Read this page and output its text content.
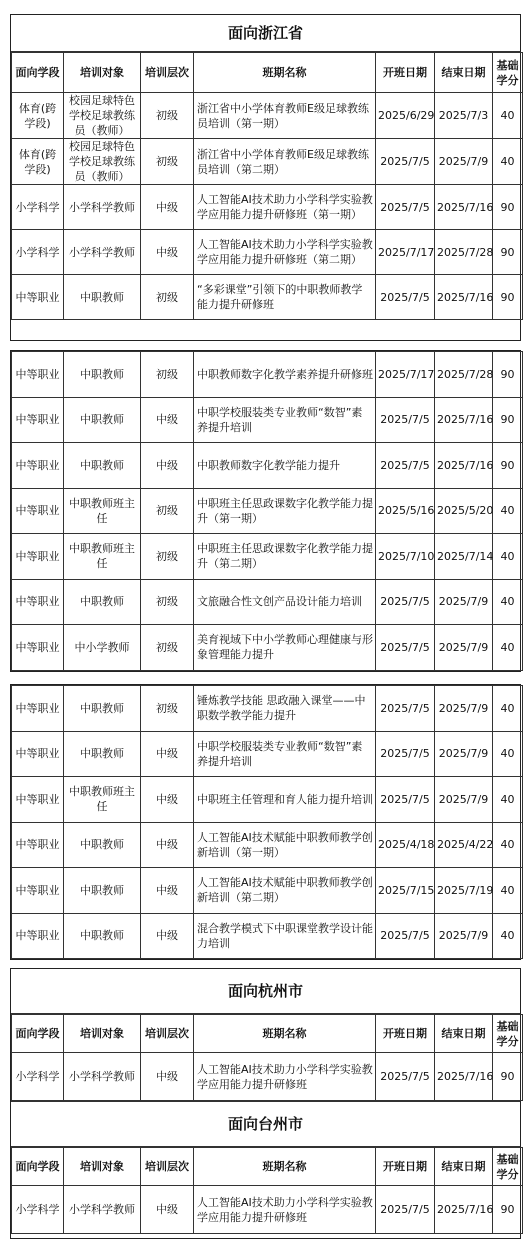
面向浙江省
面向学段	培训对象	培训层次	班期名称	开班日期	结束日期	基础学分
体育(跨学段)	校园足球特色学校足球教练员（教师）	初级	浙江省中小学体育教师E级足球教练员培训（第一期）	2025/6/29	2025/7/3	40
体育(跨学段)	校园足球特色学校足球教练员（教师）	初级	浙江省中小学体育教师E级足球教练员培训（第二期）	2025/7/5	2025/7/9	40
小学科学	小学科学教师	中级	人工智能AI技术助力小学科学实验教学应用能力提升研修班（第一期）	2025/7/5	2025/7/16	90
小学科学	小学科学教师	中级	人工智能AI技术助力小学科学实验教学应用能力提升研修班（第二期）	2025/7/17	2025/7/28	90
中等职业	中职教师	初级	“多彩课堂”引领下的中职教师教学能力提升研修班	2025/7/5	2025/7/16	90
中等职业	中职教师	初级	中职教师数字化教学素养提升研修班	2025/7/17	2025/7/28	90
中等职业	中职教师	中级	中职学校服装类专业教师“数智”素养提升培训	2025/7/5	2025/7/16	90
中等职业	中职教师	中级	中职教师数字化教学能力提升	2025/7/5	2025/7/16	90
中等职业	中职教师班主任	初级	中职班主任思政课数字化教学能力提升（第一期）	2025/5/16	2025/5/20	40
中等职业	中职教师班主任	初级	中职班主任思政课数字化教学能力提升（第二期）	2025/7/10	2025/7/14	40
中等职业	中职教师	初级	文旅融合性文创产品设计能力培训	2025/7/5	2025/7/9	40
中等职业	中小学教师	初级	美育视域下中小学教师心理健康与形象管理能力提升	2025/7/5	2025/7/9	40
中等职业	中职教师	初级	锤炼教学技能 思政融入课堂——中职数学教学能力提升	2025/7/5	2025/7/9	40
中等职业	中职教师	中级	中职学校服装类专业教师“数智”素养提升培训	2025/7/5	2025/7/9	40
中等职业	中职教师班主任	中级	中职班主任管理和育人能力提升培训	2025/7/5	2025/7/9	40
中等职业	中职教师	中级	人工智能AI技术赋能中职教师教学创新培训（第一期）	2025/4/18	2025/4/22	40
中等职业	中职教师	中级	人工智能AI技术赋能中职教师教学创新培训（第二期）	2025/7/15	2025/7/19	40
中等职业	中职教师	中级	混合教学模式下中职课堂教学设计能力培训	2025/7/5	2025/7/9	40
面向杭州市
面向学段	培训对象	培训层次	班期名称	开班日期	结束日期	基础学分
小学科学	小学科学教师	中级	人工智能AI技术助力小学科学实验教学应用能力提升研修班	2025/7/5	2025/7/16	90
面向台州市
面向学段	培训对象	培训层次	班期名称	开班日期	结束日期	基础学分
小学科学	小学科学教师	中级	人工智能AI技术助力小学科学实验教学应用能力提升研修班	2025/7/5	2025/7/16	90
